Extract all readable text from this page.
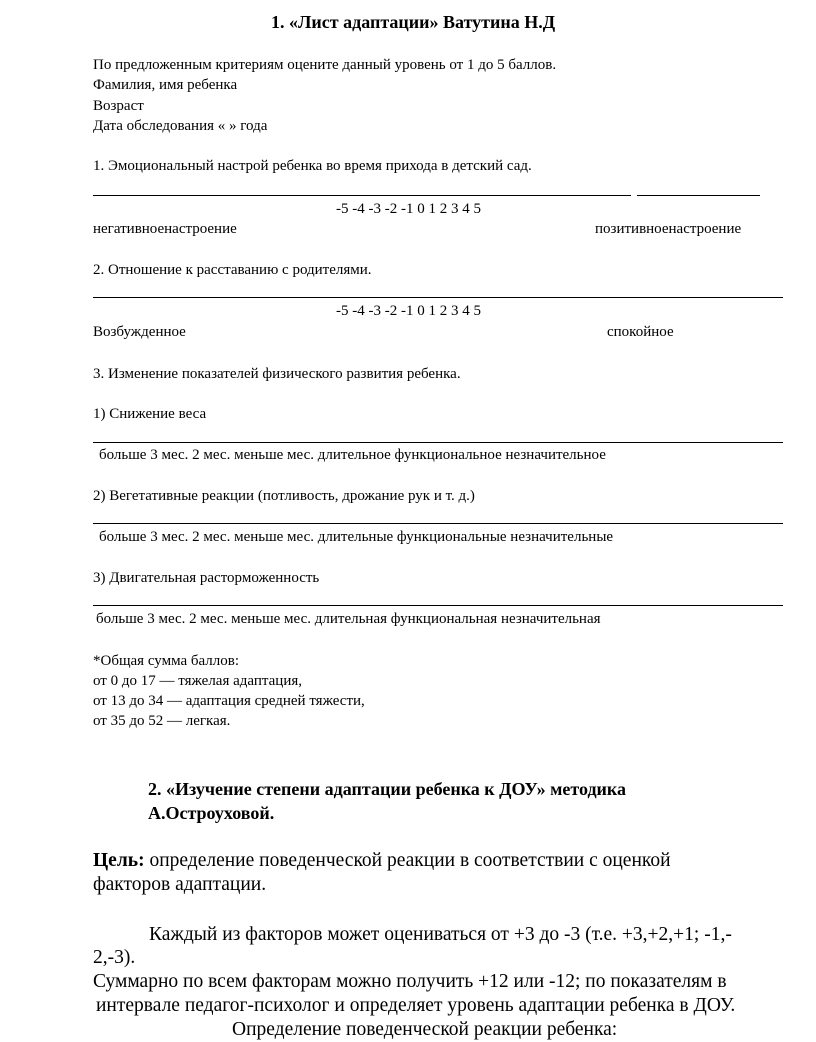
1. «Лист адаптации» Ватутина Н.Д
По предложенным критериям оцените данный уровень от 1 до 5 баллов.
Фамилия, имя ребенка
Возраст
Дата обследования « » года
1. Эмоциональный настрой ребенка во время прихода в детский сад.
-5 -4 -3 -2 -1 0 1 2 3 4 5
негативноенастроение	позитивноенастроение
2. Отношение к расставанию с родителями.
-5 -4 -3 -2 -1 0 1 2 3 4 5
Возбужденное	спокойное
3. Изменение показателей физического развития ребенка.
1) Снижение веса
больше 3 мес. 2 мес. меньше мес. длительное функциональное незначительное
2) Вегетативные реакции (потливость, дрожание рук и т. д.)
больше 3 мес. 2 мес. меньше мес. длительные функциональные незначительные
3) Двигательная расторможенность
больше 3 мес. 2 мес. меньше мес. длительная функциональная незначительная
*Общая сумма баллов:
от 0 до 17 — тяжелая адаптация,
от 13 до 34 — адаптация средней тяжести,
от 35 до 52 — легкая.
2. «Изучение степени адаптации ребенка к ДОУ» методика
А.Остроуховой.
Цель: определение поведенческой реакции в соответствии с оценкой
факторов адаптации.
Каждый из факторов может оцениваться от +3 до -3 (т.е. +3,+2,+1; -1,-
2,-3).
Суммарно по всем факторам можно получить +12 или -12; по показателям в
интервале педагог-психолог и определяет уровень адаптации ребенка в ДОУ.
Определение поведенческой реакции ребенка:
